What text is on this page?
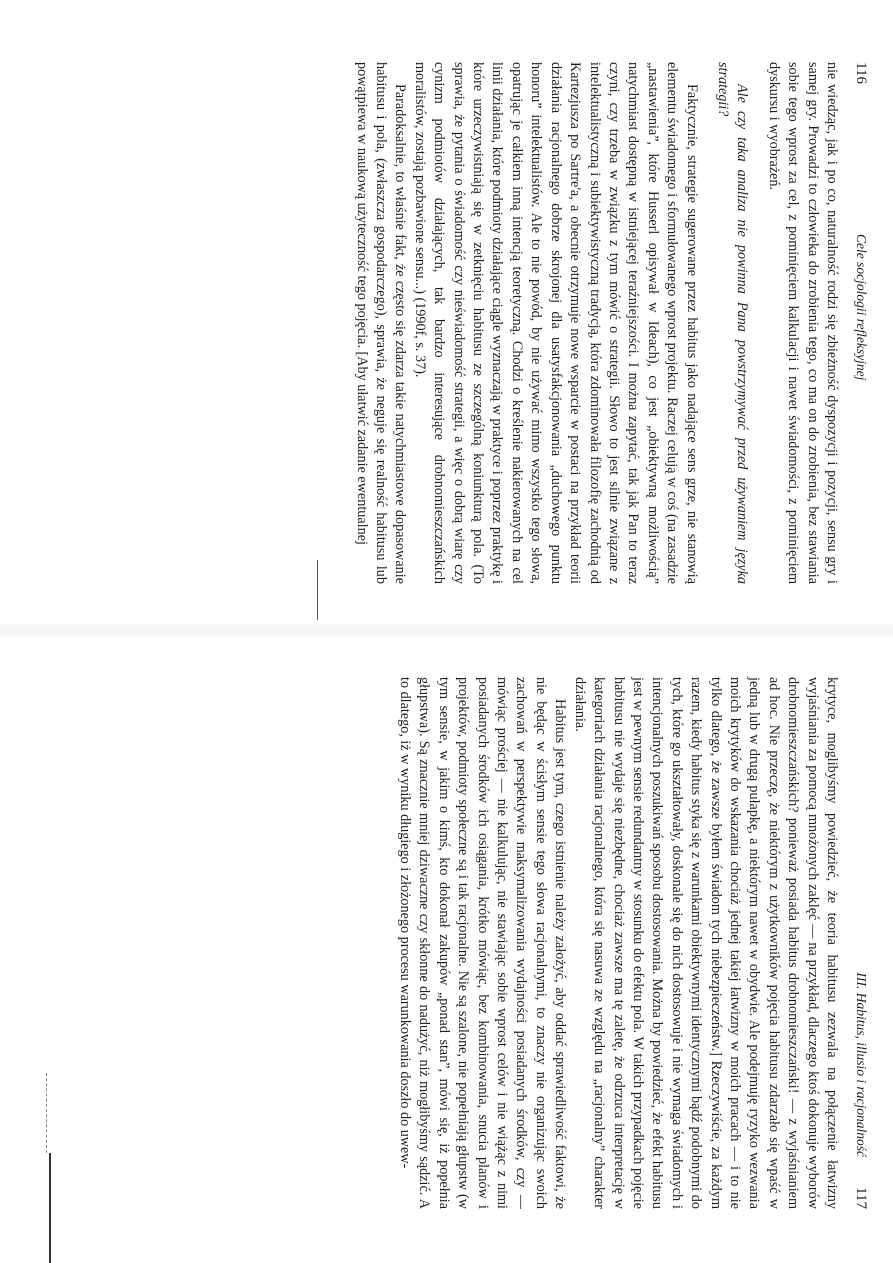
116
Cele socjologii refleksyjnej

nie wiedząc, jak i po co, naturalność rodzi się zbieżność dyspozycji i pozycji, sensu gry i samej gry. Prowadzi to człowieka do zrobienia tego, co ma on do zrobienia, bez stawiania sobie tego wprost za cel, z pominięciem kalkulacji i nawet świadomości, z pominięciem dyskursu i wyobrażeń.

Ale czy taka analiza nie powinna Pana powstrzymywać przed używaniem języka strategii?

Faktycznie, strategie sugerowane przez habitus jako nadające sens grze, nie stanowią elementu świadomego i sformułowanego wprost projektu. Raczej celują w coś (na zasadzie „nastawienia”, które Husserl opisywał w Ideach), co jest „obiektywną możliwością” natychmiast dostępną w istniejącej teraźniejszości. I można zapytać, tak jak Pan to teraz czyni, czy trzeba w związku z tym mówić o strategii. Słowo to jest silnie związane z intelektualistyczną i subiektywistyczną tradycją, która zdominowała filozofię zachodnią od Kartezjusza po Sartre'a, a obecnie otrzymuje nowe wsparcie w postaci na przykład teorii działania racjonalnego dobrze skrojonej dla usatysfakcjonowania „duchowego punktu honoru” intelektualistów. Ale to nie powód, by nie używać mimo wszystko tego słowa, opatrując je całkiem inną intencją teoretyczną. Chodzi o kreślenie nakierowanych na cel linii działania, które podmioty działające ciągle wyznaczają w praktyce i poprzez praktykę i które urzeczywistniają się w zetknięciu habitusu ze szczególną koniunkturą pola. (To sprawia, że pytania o świadomość czy nieświadomość strategii, a więc o dobrą wiarę czy cynizm podmiotów działających, tak bardzo interesujące drobnomieszczańskich moralistów, zostają pozbawione sensu...) (1990f, s. 37).

Paradoksalnie, to właśnie fakt, że często się zdarza takie natychmiastowe dopasowanie habitusu i pola, (zwłaszcza gospodarczego), sprawia, że neguje się realność habitusu lub powątpiewa w naukową użyteczność tego pojęcia. [Aby ułatwić zadanie ewentualnej

III. Habitus, illusio i racjonalność
117

krytyce, moglibyśmy powiedzieć, że teoria habitusu zezwala na połączenie łatwizny wyjaśniania za pomocą mnożonych zaklęć — na przykład, dlaczego ktoś dokonuje wyborów drobnomieszczańskich? ponieważ posiada habitus drobnomieszczański! — z wyjaśnianiem ad hoc. Nie przeczę, że niektórym z użytkowników pojęcia habitusu zdarzało się wpaść w jedną lub w drugą pułapkę, a niektórym nawet w obydwie. Ale podejmuję ryzyko wezwania moich krytyków do wskazania chociaż jednej takiej łatwizny w moich pracach — i to nie tylko dlatego, że zawsze byłem świadom tych niebezpieczeństw.] Rzeczywiście, za każdym razem, kiedy habitus styka się z warunkami obiektywnymi identycznymi bądź podobnymi do tych, które go ukształtowały, doskonale się do nich dostosowuje i nie wymaga świadomych i intencjonalnych poszukiwań sposobu dostosowania. Można by powiedzieć, że efekt habitusu jest w pewnym sensie redundantny w stosunku do efektu pola. W takich przypadkach pojęcie habitusu nie wydaje się niezbędne, chociaż zawsze ma tę zaletę, że odrzuca interpretację w kategoriach działania racjonalnego, która się nasuwa ze względu na „racjonalny” charakter działania.

Habitus jest tym, czego istnienie należy założyć, aby oddać sprawiedliwość faktowi, że nie będąc w ścisłym sensie tego słowa racjonalnymi, to znaczy nie organizując swoich zachowań w perspektywie maksymalizowania wydajności posiadanych środków, czy — mówiąc prościej — nie kalkulując, nie stawiając sobie wprost celów i nie wiążąc z nimi posiadanych środków ich osiągania, krótko mówiąc, bez kombinowania, snucia planów i projektów, podmioty społeczne są i tak racjonalne. Nie są szalone, nie popełniają głupstw (w tym sensie, w jakim o kimś, kto dokonał zakupów „ponad stan”, mówi się, iż popełnia głupstwa). Są znacznie mniej dziwaczne czy skłonne do nadużyć, niż mogłibyśmy sądzić. A to dlatego, iż w wyniku długiego i złożonego procesu warunkowania doszło do uwew-
